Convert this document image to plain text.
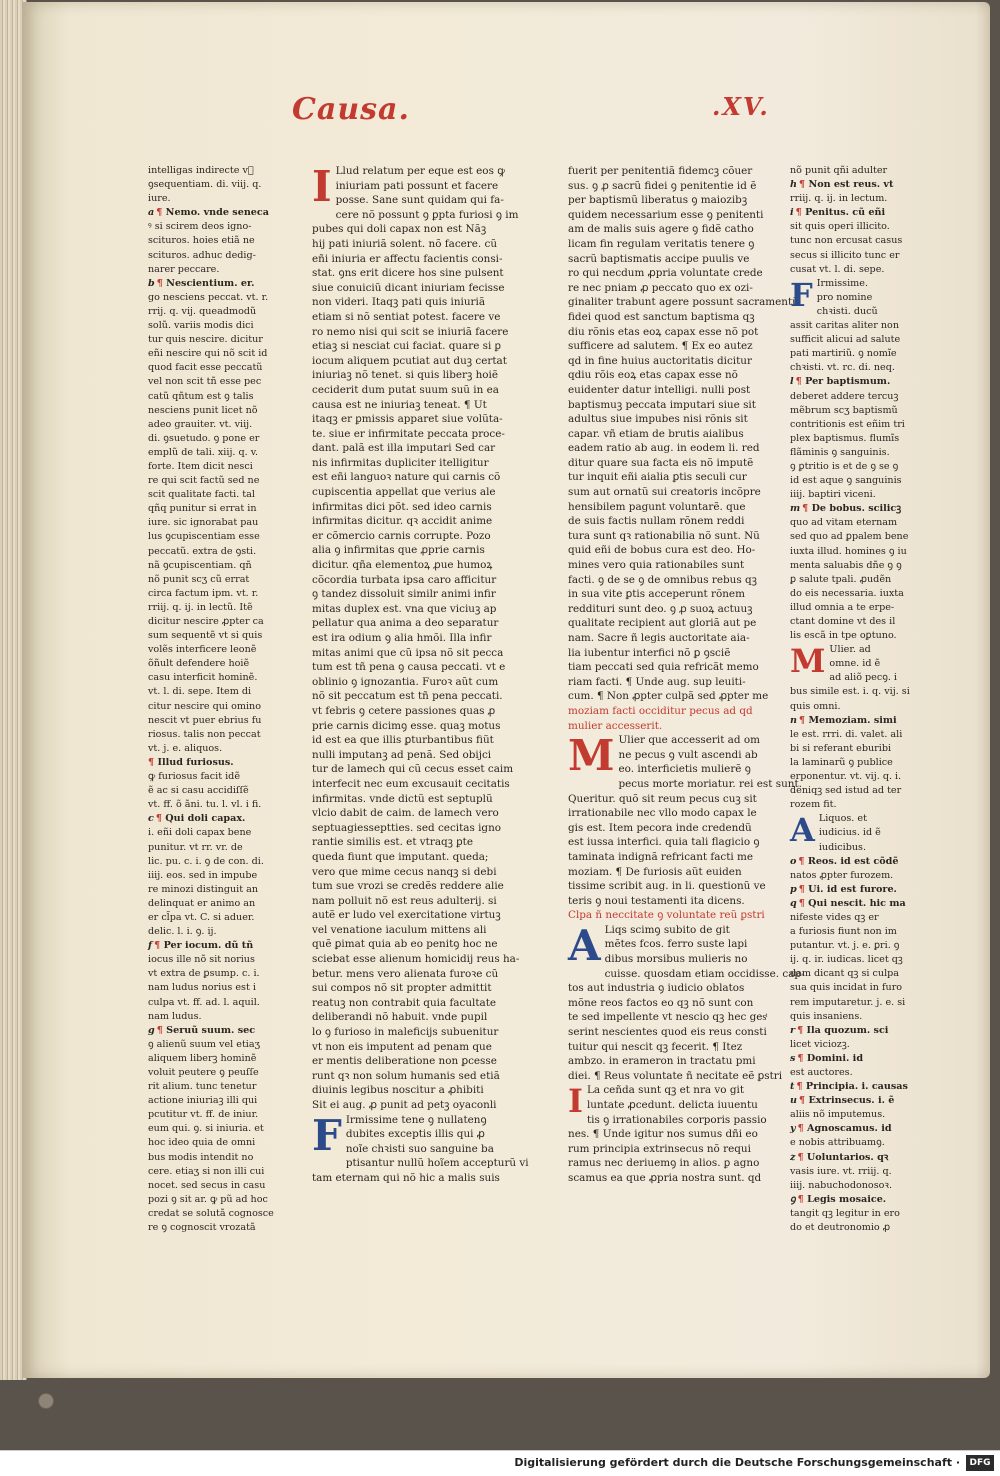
Causa.	.XV.
intelligas indirecte vᷓ
ꝯsequentiam. di. viij. q.
iure.
a ¶ Nemo. vnde seneca
ꝰ si scirem deos igno-
scituros. hoies etiã ne
scituros. adhuc dedig-
narer peccare.
b ¶ Nescientium. er.
go nesciens peccat. vt. r.
rrij. q. vij. queadmodũ
solũ. variis modis dici
tur quis nescire. dicitur
eñi nescire qui nõ scit id
quod facit esse peccatũ
vel non scit tñ esse pec
catũ qñtum est ꝯ talis
nesciens punit licet nõ
adeo grauiter. vt. viij.
di. ꝯsuetudo. ꝯ pone er
emplũ de tali. xiij. q. v.
forte. Item dicit nesci
re qui scit factũ sed ne
scit qualitate facti. tal
qñq punitur si errat in
iure. sic ignorabat pau
lus ꝯcupiscentiam esse
peccatũ. extra de ꝯsti.
nã ꝯcupiscentiam. qñ
nõ punit scʒ cũ errat
circa factum ipm. vt. r.
rriij. q. ij. in lectũ. Itẽ
dicitur nescire ꝓpter ca
sum sequentẽ vt si quis
volẽs interficere leonẽ
õñult defendere hoiẽ
casu interficit hominẽ.
vt. l. di. sepe. Item di
citur nescire qui omino
nescit vt puer ebrius fu
riosus. talis non peccat
vt. j. e. aliquos.
¶ Illud furiosus.
ꝙ furiosus facit idẽ
ẽ ac si casu accidiſſẽ
vt. ff. õ ãni. tu. l. vl. i fi.
c ¶ Qui doli capax.
i. eñi doli capax bene
punitur. vt rr. vr. de
lic. pu. c. i. ꝯ de con. di.
iiij. eos. sed in impube
re minozi distinguit an
delinquat er animo an
er cl̃pa vt. C. si aduer.
delic. l. i. ꝯ. ij.
f ¶ Per iocum. dũ tñ
iocus ille nõ sit norius
vt extra de ꝑsump. c. i.
nam ludus norius est i
culpa vt. ff. ad. l. aquil.
nam ludus.
g ¶ Seruũ suum. sec
ꝯ alienũ suum vel etiaʒ
aliquem liberꝫ hominẽ
voluit peutere ꝯ peuſſe
rit alium. tunc tenetur
actione iniuriaꝫ illi qui
pcutitur vt. ff. de iniur.
eum qui. ꝯ. si iniuria. et
hoc ideo quia de omni
bus modis intendit no
cere. etiaʒ si non illi cui
nocet. sed secus in casu
pozi ꝯ sit ar. ꝙ pũ ad hoc
credat se solutã cognosce
re ꝯ cognoscit vrozatã
I Llud relatum per eque est eos ꝙ
iniuriam pati possunt et facere
posse. Sane sunt quidam qui fa-
cere nõ possunt ꝯ ꝑpta furiosi ꝯ im
pubes qui doli capax non est Nãꝫ
hij pati iniuriã solent. nõ facere. cũ
eñi iniuria er affectu facientis consi-
stat. ꝯns erit dicere hos sine pulsent
siue conuiciũ dicant iniuriam fecisse
non videri. Itaqꝫ pati quis iniuriã
etiam si nõ sentiat potest. facere ve
ro nemo nisi qui scit se iniuriã facere
etiaꝫ si nesciat cui faciat. quare si ꝑ
iocum aliquem pcutiat aut duꝫ certat
iniuriaꝫ nõ tenet. si quis liberꝫ hoiẽ
ceciderit dum putat suum suũ in ea
causa est ne iniuriaꝫ teneat. ¶ Ut
itaqꝫ er ꝑmissis apparet siue volũta-
te. siue er infirmitate peccata proce-
dant. palã est illa imputari Sed car
nis infirmitas dupliciter itelligitur
est eñi languoꝛ nature qui carnis cõ
cupiscentia appellat que verius ale
infirmitas dici põt. sed ideo carnis
infirmitas dicitur. qꝛ accidit anime
er cõmercio carnis corrupte. Pozo
alia ꝯ infirmitas que ꝓprie carnis
dicitur. qña elementoꝝ ꝓue humoꝝ
cõcordia turbata ipsa caro afficitur
ꝯ tandez dissoluit similr animi infir
mitas duplex est. vna que viciuꝫ ap
pellatur qua anima a deo separatur
est ira odium ꝯ alia hmõi. Illa infir
mitas animi que cũ ipsa nõ sit pecca
tum est tñ pena ꝯ causa peccati. vt e
oblinio ꝯ ignozantia. Furoꝛ aũt cum
nõ sit peccatum est tñ pena peccati.
vt febris ꝯ cetere passiones quas ꝓ
prie carnis dicimꝯ esse. quaꝫ motus
id est ea que illis ꝑturbantibus fiũt
nulli imputanꝫ ad penã. Sed obijci
tur de lamech qui cũ cecus esset caim
interfecit nec eum excusauit cecitatis
infirmitas. vnde dictũ est septuplũ
vlcio dabit de caim. de lamech vero
septuagiesseptties. sed cecitas igno
rantie similis est. et vtraqꝫ ꝑte
queda fiunt que imputant. queda;
vero que mime cecus nanqꝫ si debi
tum sue vrozi se credẽs reddere alie
nam polluit nõ est reus adulterij. si
autẽ er ludo vel exercitatione virtuꝫ
vel venatione iaculum mittens ali
quẽ ꝑimat quia ab eo penitꝯ hoc ne
sciebat esse alienum homicidij reus ha-
betur. mens vero alienata furoꝛe cũ
sui compos nõ sit propter admittit
reatuꝫ non contrabit quia facultate
deliberandi nõ habuit. vnde pupil
lo ꝯ furioso in maleficijs subuenitur
vt non eis imputent ad penam que
er mentis deliberatione non ꝑcesse
runt qꝛ non solum humanis sed etiã
diuinis legibus noscitur a ꝓhibiti
Sit ei aug. ꝓ punit ad petꝫ oyaconli
F Irmissime tene ꝯ nullatenꝯ
dubites exceptis illis qui ꝓ
noĩe chꝛisti suo sanguine ba
ptisantur nullũ hoĩem accepturũ vi
tam eternam qui nõ hic a malis suis
fuerit per penitentiã fidemcꝫ cõuer
sus. ꝯ ꝓ sacrũ fidei ꝯ penitentie id ẽ
per baptismũ liberatus ꝯ maiozibꝫ
quidem necessarium esse ꝯ penitenti
am de malis suis agere ꝯ fidẽ catho
licam fin regulam veritatis tenere ꝯ
sacrũ baptismatis accipe puulis ve
ro qui necdum ꝓpria voluntate crede
re nec pniam ꝓ peccato quo ex ozi-
ginaliter trabunt agere possunt sacramentũ
fidei quod est sanctum baptisma qꝫ
diu rõnis etas eoꝝ capax esse nõ pot
sufficere ad salutem. ¶ Ex eo autez
qd in fine huius auctoritatis dicitur
qdiu rõis eoꝝ etas capax esse nõ
euidenter datur intelligi. nulli post
baptismuꝫ peccata imputari siue sit
adultus siue impubes nisi rõnis sit
capar. vñ etiam de brutis aialibus
eadem ratio ab aug. in eodem li. red
ditur quare sua facta eis nõ imputẽ
tur inquit eñi aialia ꝑtis seculi cur
sum aut ornatũ sui creatoris incõpre
hensibilem pagunt voluntarẽ. que
de suis factis nullam rõnem reddi
tura sunt qꝛ rationabilia nõ sunt. Nũ
quid eñi de bobus cura est deo. Ho-
mines vero quia rationabiles sunt
facti. ꝯ de se ꝯ de omnibus rebus qꝫ
in sua vite ꝑtis acceperunt rõnem
reddituri sunt deo. ꝯ ꝓ suoꝝ actuuꝫ
qualitate recipient aut gloriã aut pe
nam. Sacre ñ legis auctoritate aia-
lia iubentur interfici nõ ꝑ ꝯsciẽ
tiam peccati sed quia refricãt memo
riam facti. ¶ Unde aug. sup leuiti-
cum. ¶ Non ꝓpter culpã sed ꝓpter me
moziam facti occiditur pecus ad qd
mulier accesserit.
M Ulier que accesserit ad om
ne pecus ꝯ vult ascendi ab
eo. interficietis mulierẽ ꝯ
pecus morte moriatur. rei est sunt.
Queritur. quõ sit reum pecus cuꝫ sit
irrationabile nec vllo modo capax le
gis est. Item pecora inde credendũ
est iussa interfici. quia tali flagicio ꝯ
taminata indignã refricant facti me
moziam. ¶ De furiosis aũt euiden
tissime scribit aug. in li. questionũ ve
teris ꝯ noui testamenti ita dicens.
Clpa ñ neccitate ꝯ voluntate reũ ꝑstri
A Liqs scimꝯ subito de git
mẽtes fcos. ferro suste lapi
dibus morsibus mulieris no
cuisse. quosdam etiam occidisse. cap-
tos aut industria ꝯ iudicio oblatos
mõne reos factos eo qꝫ nõ sunt con
te sed impellente vt nescio qꝫ hec gesͭ
serint nescientes quod eis reus consti
tuitur qui nescit qꝫ fecerit. ¶ Itez
ambzo. in erameron in tractatu pmi
diei. ¶ Reus voluntate ñ necitate eẽ ꝑstri
I La ceñda sunt qꝫ et nra vo git
luntate ꝓcedunt. delicta iuuentu
tis ꝯ irrationabiles corporis passio
nes. ¶ Unde igitur nos sumus dñi eo
rum principia extrinsecus nõ requi
ramus nec deriuemꝯ in alios. ꝑ agno
scamus ea que ꝓpria nostra sunt. qd
nõ punit qñi adulter
h ¶ Non est reus. vt
rriij. q. ij. in lectum.
i ¶ Penitus. cũ eñi
sit quis operi illicito.
tunc non ercusat casus
secus si illicito tunc er
cusat vt. l. di. sepe.
F Irmissime.
pro nomine
chꝛisti. ducũ
assit caritas aliter non
sufficit alicui ad salute
pati martiriũ. ꝯ nomĩe
chꝛisti. vt. rc. di. neq.
l ¶ Per baptismum.
deberet addere tercuꝫ
mẽbrum scʒ baptismũ
contritionis est eñim tri
plex baptismus. flumĩs
flãminis ꝯ sanguinis.
ꝯ ꝑtritio is et de ꝯ se ꝯ
id est aque ꝯ sanguinis
iiij. baptiri viceni.
m ¶ De bobus. scilicꝫ
quo ad vitam eternam
sed quo ad ꝑpalem bene
iuxta illud. homines ꝯ iu
menta saluabis dñe ꝯ ꝯ
ꝑ salute tpali. ꝓudẽn
do eis necessaria. iuxta
illud omnia a te erpe-
ctant domine vt des il
lis escã in tpe oꝑtuno.
M Ulier. ad
omne. id ẽ
ad aliõ pecꝯ. i
bus simile est. i. q. vij. si
quis omni.
n ¶ Memoziam. simi
le est. rrri. di. valet. ali
bi si referant eburibi
la laminarũ ꝯ publice
erponentur. vt. vij. q. i.
deniqꝫ sed istud ad ter
rozem fit.
A Liquos. et
iudicius. id ẽ
iudicibus.
o ¶ Reos. id est cõdẽ
natos ꝓpter furozem.
p ¶ Ui. id est furore.
q ¶ Qui nescit. hic ma
nifeste vides qꝫ er
a furiosis fiunt non im
putantur. vt. j. e. ꝑri. ꝯ
ij. q. ir. iudicas. licet qꝫ
dam dicant qꝫ si culpa
sua quis incidat in furo
rem imputaretur. j. e. si
quis insaniens.
r ¶ Ila quozum. sci
licet viciozꝫ.
s ¶ Domini. id
est auctores.
t ¶ Principia. i. causas
u ¶ Extrinsecus. i. ẽ
aliis nõ imputemus.
y ¶ Agnoscamus. id
e nobis attribuamꝯ.
z ¶ Uoluntarios. qꝛ
vasis iure. vt. rriij. q.
iiij. nabuchodonosoꝛ.
ꝯ ¶ Legis mosaice.
tangit qꝫ legitur in ero
do et deutronomio ꝓ
Digitalisierung gefördert durch die Deutsche Forschungsgemeinschaft ·	DFG
